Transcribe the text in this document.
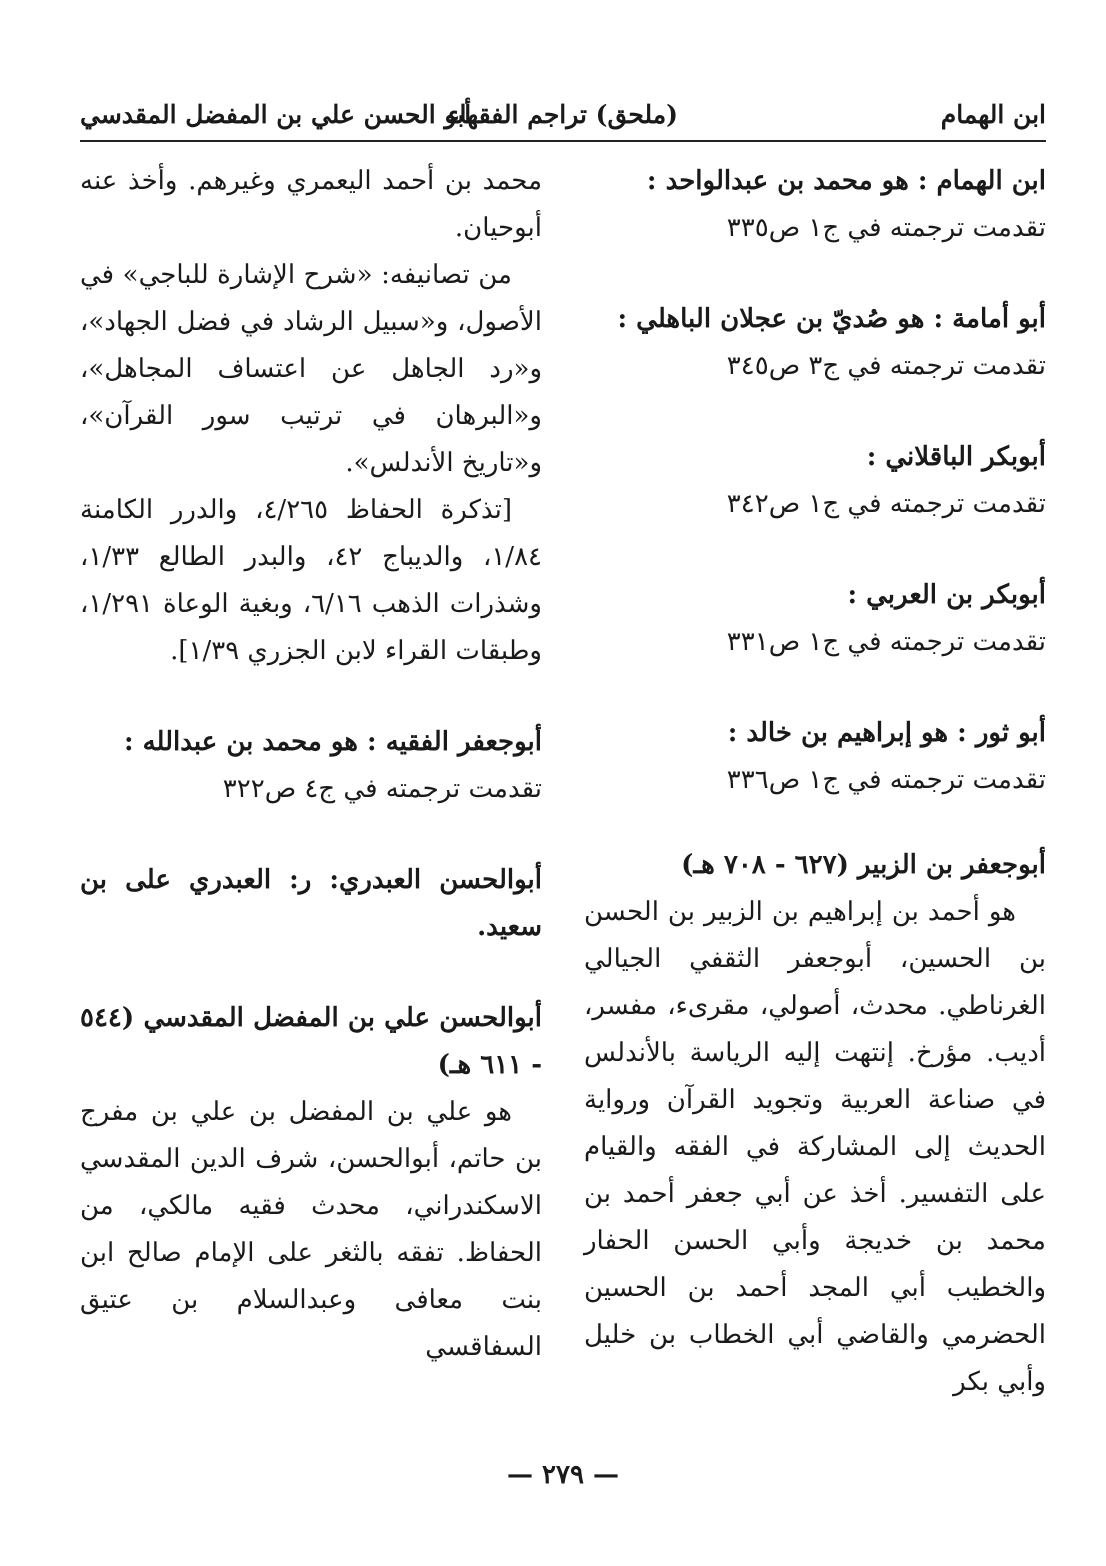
ابن الهمام
(ملحق) تراجم الفقهاء
أبو الحسن علي بن المفضل المقدسي

ابن الهمام : هو محمد بن عبدالواحد :

تقدمت ترجمته في ج١ ص٣٣٥

أبو أمامة : هو صُديّ بن عجلان الباهلي :

تقدمت ترجمته في ج٣ ص٣٤٥

أبوبكر الباقلاني :

تقدمت ترجمته في ج١ ص٣٤٢

أبوبكر بن العربي :

تقدمت ترجمته في ج١ ص٣٣١

أبو ثور : هو إبراهيم بن خالد :

تقدمت ترجمته في ج١ ص٣٣٦

أبوجعفر بن الزبير (٦٢٧ - ٧٠٨ هـ)

هو أحمد بن إبراهيم بن الزبير بن الحسن بن الحسين، أبوجعفر الثقفي الجيالي الغرناطي. محدث، أصولي، مقرىء، مفسر، أديب. مؤرخ. إنتهت إليه الرياسة بالأندلس في صناعة العربية وتجويد القرآن ورواية الحديث إلى المشاركة في الفقه والقيام على التفسير. أخذ عن أبي جعفر أحمد بن محمد بن خديجة وأبي الحسن الحفار والخطيب أبي المجد أحمد بن الحسين الحضرمي والقاضي أبي الخطاب بن خليل وأبي بكر

محمد بن أحمد اليعمري وغيرهم. وأخذ عنه أبوحيان.

من تصانيفه: «شرح الإشارة للباجي» في الأصول، و«سبيل الرشاد في فضل الجهاد»، و«رد الجاهل عن اعتساف المجاهل»، و«البرهان في ترتيب سور القرآن»، و«تاريخ الأندلس».

[تذكرة الحفاظ ٤/٢٦٥، والدرر الكامنة ١/٨٤، والديباج ٤٢، والبدر الطالع ١/٣٣، وشذرات الذهب ٦/١٦، وبغية الوعاة ١/٢٩١، وطبقات القراء لابن الجزري ١/٣٩].

أبوجعفر الفقيه : هو محمد بن عبدالله :

تقدمت ترجمته في ج٤ ص٣٢٢

أبوالحسن العبدري: ر: العبدري على بن سعيد.

أبوالحسن علي بن المفضل المقدسي (٥٤٤ - ٦١١ هـ)

هو علي بن المفضل بن علي بن مفرج بن حاتم، أبوالحسن، شرف الدين المقدسي الاسكندراني، محدث فقيه مالكي، من الحفاظ. تفقه بالثغر على الإمام صالح ابن بنت معافى وعبدالسلام بن عتيق السفاقسي

— ٢٧٩ —
